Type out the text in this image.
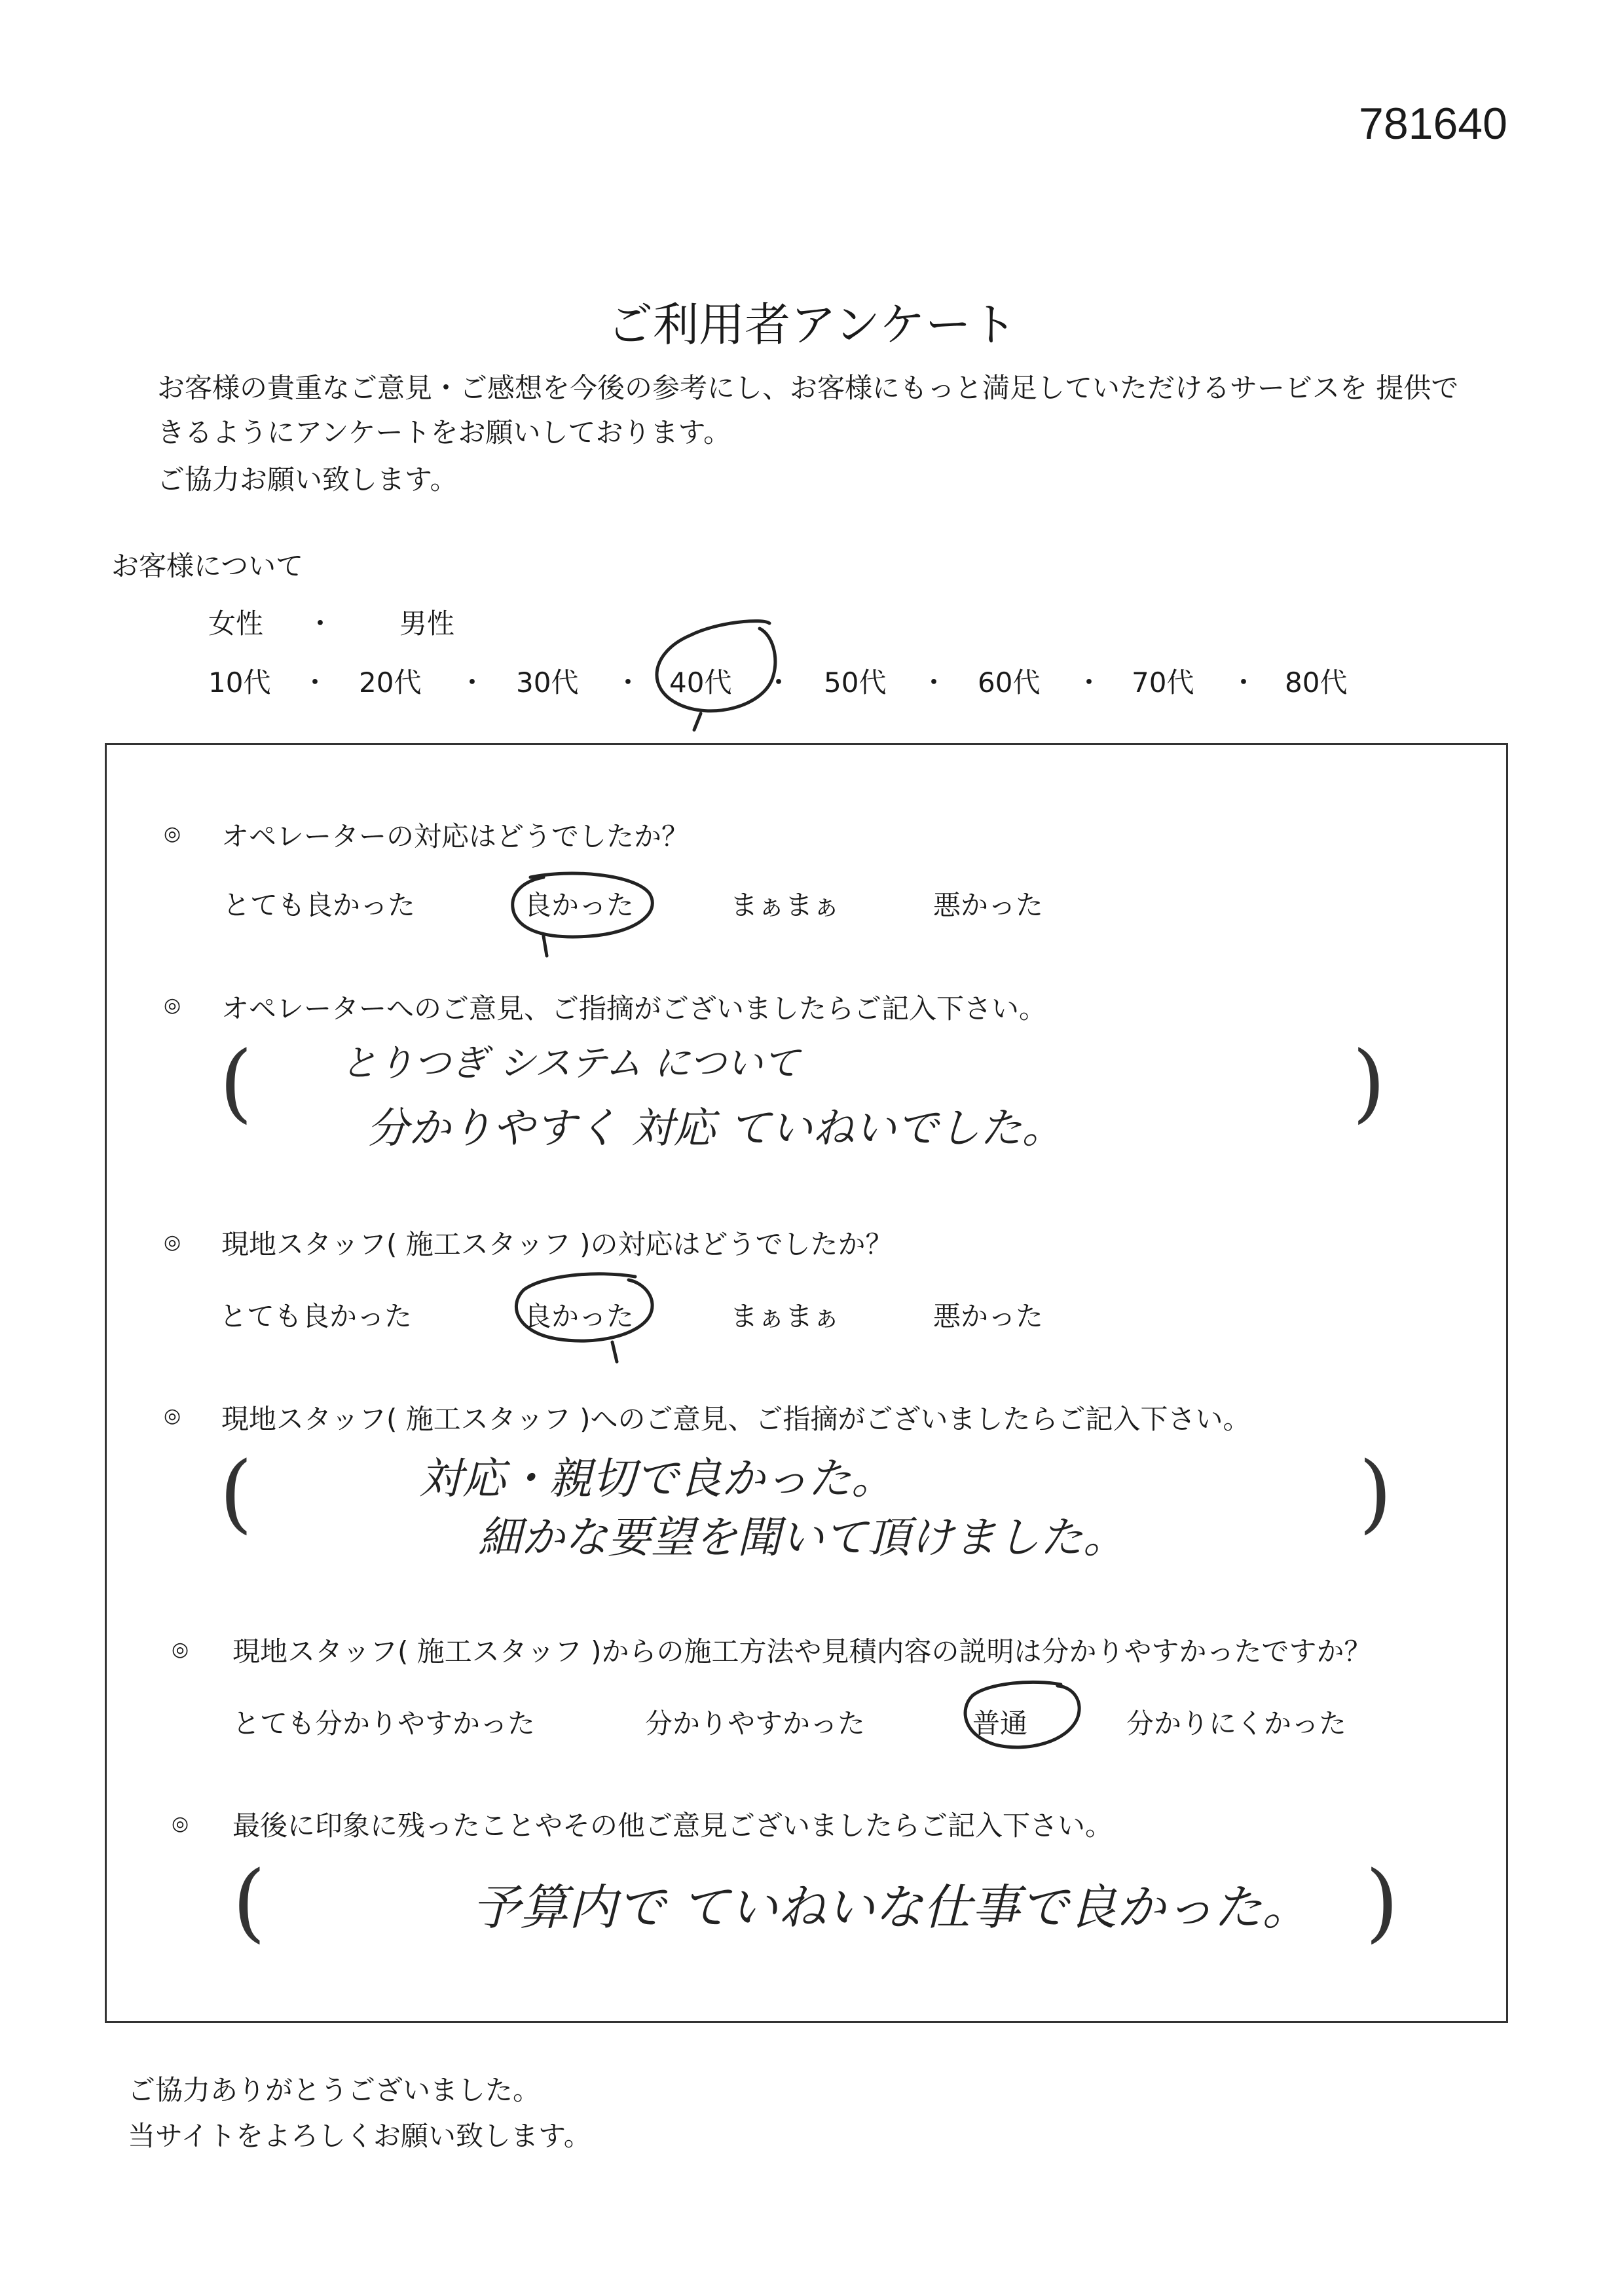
781640
ご利用者アンケート
お客様の貴重なご意見・ご感想を今後の参考にし、お客様にもっと満足していただけるサービスを 提供で
きるようにアンケートをお願いしております。
ご協力お願い致します。
お客様について
女性 ・ 男性
10代 ・ 20代 ・ 30代 ・ 40代 ・ 50代 ・ 60代 ・ 70代 ・ 80代
◎ オペレーターの対応はどうでしたか？
とても良かった	良かった	まぁまぁ	悪かった
◎ オペレーターへのご意見、ご指摘がございましたらご記入下さい。
(	)
とりつぎ システム について
分かりやすく 対応 ていねいでした。
◎ 現地スタッフ( 施工スタッフ )の対応はどうでしたか？
とても良かった	良かった	まぁまぁ	悪かった
◎ 現地スタッフ( 施工スタッフ )へのご意見、ご指摘がございましたらご記入下さい。
(	)
対応・親切で良かった。
細かな要望を聞いて頂けました。
◎ 現地スタッフ( 施工スタッフ )からの施工方法や見積内容の説明は分かりやすかったですか？
とても分かりやすかった	分かりやすかった	普通	分かりにくかった
◎ 最後に印象に残ったことやその他ご意見ございましたらご記入下さい。
(	)
予算内で ていねいな仕事で良かった。
ご協力ありがとうございました。
当サイトをよろしくお願い致します。
